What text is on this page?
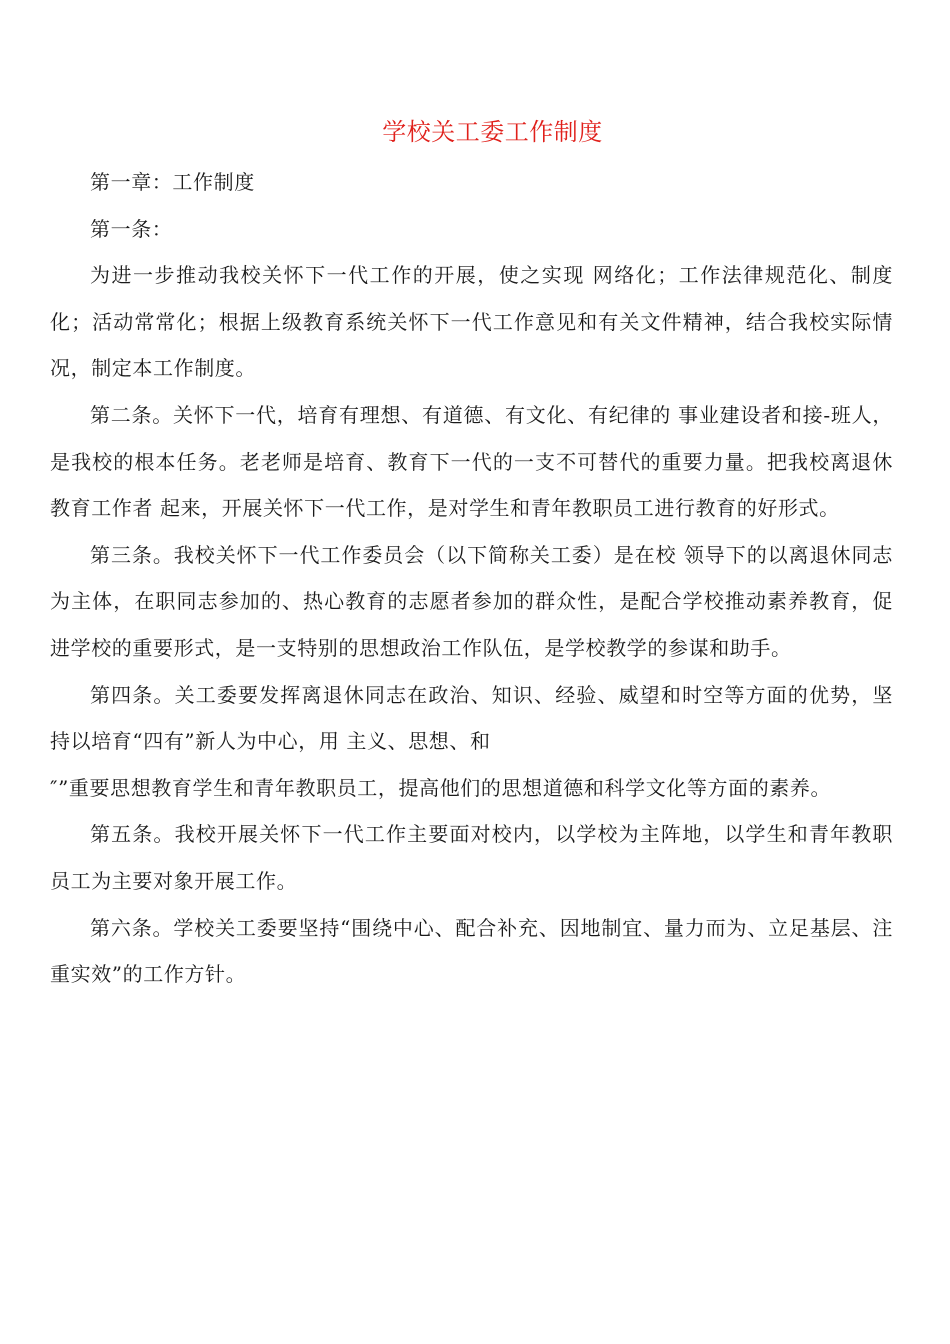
学校关工委工作制度

第一章：工作制度

第一条：

为进一步推动我校关怀下一代工作的开展，使之实现 网络化；工作法律规范化、制度化；活动常常化；根据上级教育系统关怀下一代工作意见和有关文件精神，结合我校实际情况，制定本工作制度。

第二条。关怀下一代，培育有理想、有道德、有文化、有纪律的 事业建设者和接-班人，是我校的根本任务。老老师是培育、教育下一代的一支不可替代的重要力量。把我校离退休教育工作者 起来，开展关怀下一代工作，是对学生和青年教职员工进行教育的好形式。

第三条。我校关怀下一代工作委员会（以下简称关工委）是在校 领导下的以离退休同志为主体，在职同志参加的、热心教育的志愿者参加的群众性，是配合学校推动素养教育，促进学校的重要形式，是一支特别的思想政治工作队伍，是学校教学的参谋和助手。

第四条。关工委要发挥离退休同志在政治、知识、经验、威望和时空等方面的优势，坚持以培育“四有”新人为中心，用 主义、思想、和

″”重要思想教育学生和青年教职员工，提高他们的思想道德和科学文化等方面的素养。

第五条。我校开展关怀下一代工作主要面对校内，以学校为主阵地，以学生和青年教职员工为主要对象开展工作。

第六条。学校关工委要坚持“围绕中心、配合补充、因地制宜、量力而为、立足基层、注重实效”的工作方针。
